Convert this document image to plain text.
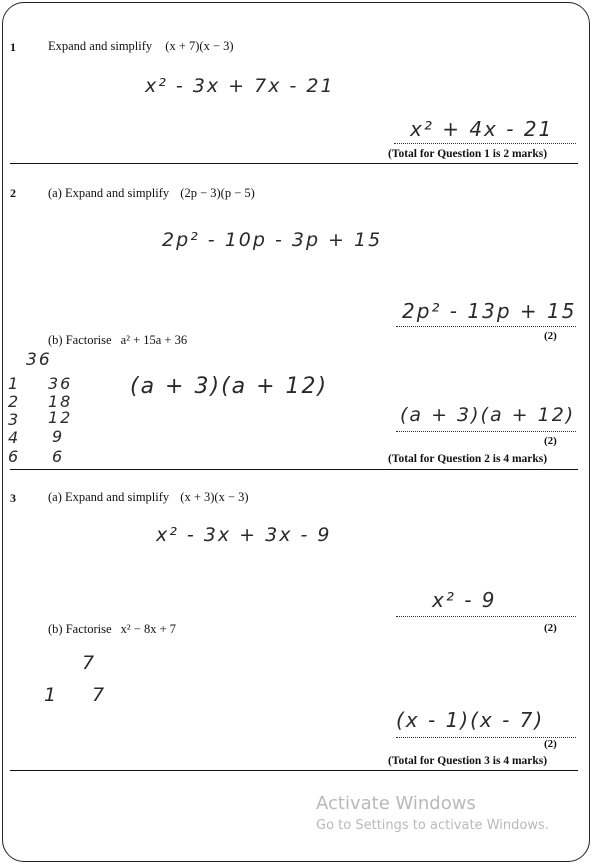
1	Expand and simplify (x + 7)(x − 3)
x² - 3x + 7x - 21
x² + 4x - 21
(Total for Question 1 is 2 marks)
2	(a) Expand and simplify (2p − 3)(p − 5)
2p² - 10p - 3p + 15
2p² - 13p + 15
(2)
(b) Factorise a² + 15a + 36
36
1 36
2 18
3 12
4 9
6 6
(a + 3)(a + 12)
(a + 3)(a + 12)
(2)
(Total for Question 2 is 4 marks)
3	(a) Expand and simplify (x + 3)(x − 3)
x² - 3x + 3x - 9
x² - 9
(2)
(b) Factorise x² − 8x + 7
7
1 7
(x - 1)(x - 7)
(2)
(Total for Question 3 is 4 marks)
Activate Windows
Go to Settings to activate Windows.
